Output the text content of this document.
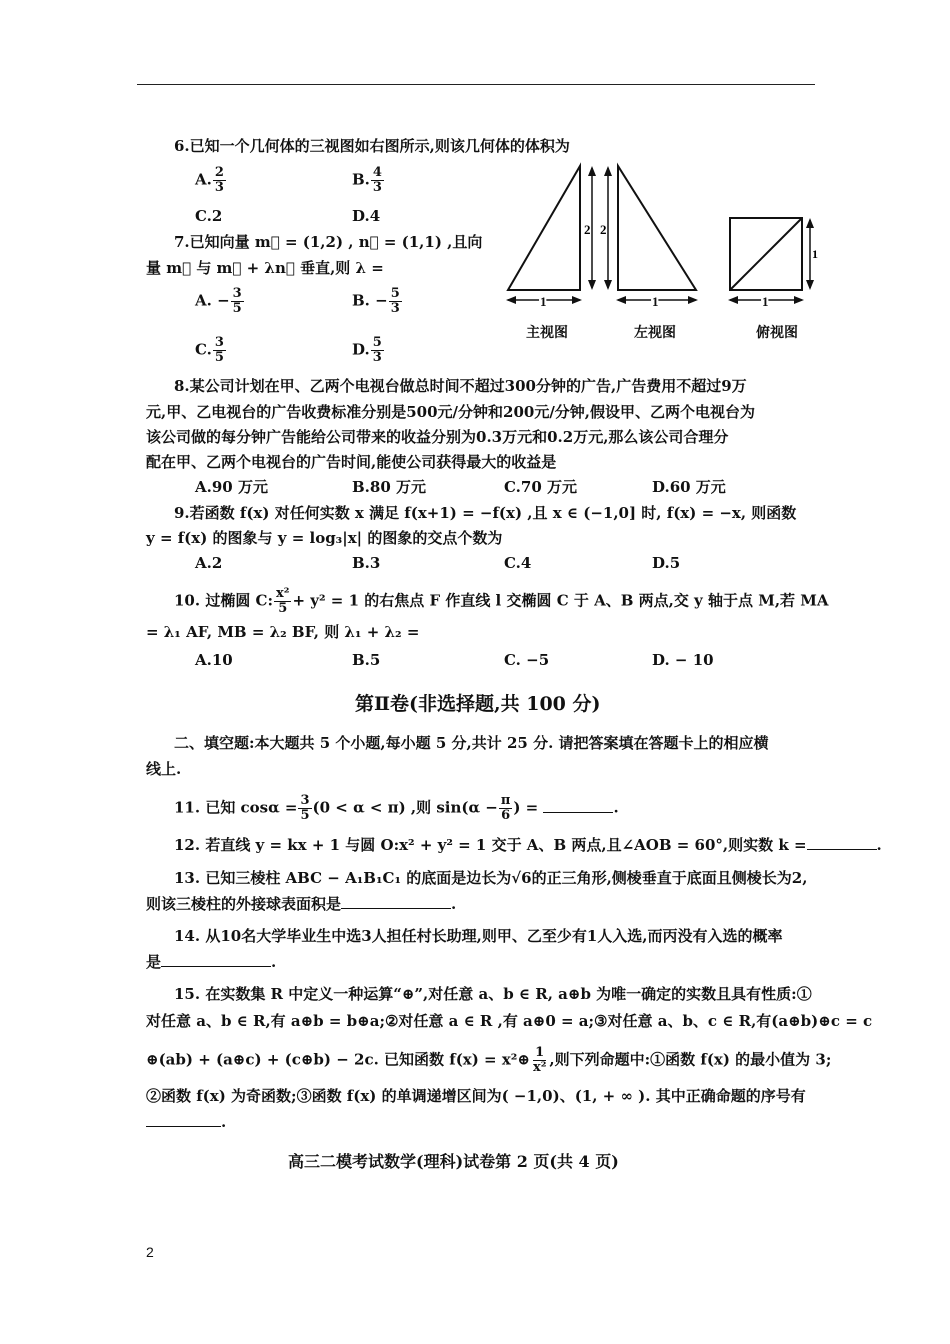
6.已知一个几何体的三视图如右图所示,则该几何体的体积为
A. $\frac{2}{3}$	B. $\frac{4}{3}$
C.2	D.4
7.已知向量 m⃗ = (1,2) , n⃗ = (1,1) ,且向
量 m⃗ 与 m⃗ + λn⃗ 垂直,则 λ =
A. − $\frac{3}{5}$	B. − $\frac{5}{3}$
C. $\frac{3}{5}$	D. $\frac{5}{3}$
2
1
2
1
1
1
主视图	左视图	俯视图
8.某公司计划在甲、乙两个电视台做总时间不超过300分钟的广告,广告费用不超过9万
元,甲、乙电视台的广告收费标准分别是500元/分钟和200元/分钟,假设甲、乙两个电视台为
该公司做的每分钟广告能给公司带来的收益分别为0.3万元和0.2万元,那么该公司合理分
配在甲、乙两个电视台的广告时间,能使公司获得最大的收益是
A.90 万元	B.80 万元	C.70 万元	D.60 万元
9.若函数 f(x) 对任何实数 x 满足 f(x+1) = −f(x) ,且 x ∈ (−1,0] 时, f(x) = −x, 则函数
y = f(x) 的图象与 y = log₃|x| 的图象的交点个数为
A.2	B.3	C.4	D.5
10. 过椭圆 C: $\frac{\text{x²}}{5} + y^2 = 1$ 的右焦点 F 作直线 l 交椭圆 C 于 A、B 两点,交 y 轴于点 M,若 MA
= λ₁ AF, MB = λ₂ BF, 则 λ₁ + λ₂ =
A.10	B.5	C. −5	D. − 10
第Ⅱ卷(非选择题,共 100 分)
二、填空题:本大题共 5 个小题,每小题 5 分,共计 25 分. 请把答案填在答题卡上的相应横
线上.
11. 已知 $\cos\alpha = \frac{3}{5} (0 < \alpha < \pi)$ ,则 $\sin(\alpha - \frac{\pi}{6}$ ) =	.
12. 若直线 y = kx + 1 与圆 O:x² + y² = 1 交于 A、B 两点,且∠AOB = 60°,则实数 k =	.
13. 已知三棱柱 ABC − A₁B₁C₁ 的底面是边长为√6的正三角形,侧棱垂直于底面且侧棱长为2,
则该三棱柱的外接球表面积是	.
14. 从10名大学毕业生中选3人担任村长助理,则甲、乙至少有1人入选,而丙没有入选的概率
是	.
15. 在实数集 R 中定义一种运算“⊕”,对任意 a、b ∈ R, a⊕b 为唯一确定的实数且具有性质:①
对任意 a、b ∈ R,有 a⊕b = b⊕a;②对任意 a ∈ R ,有 a⊕0 = a;③对任意 a、b、c ∈ R,有(a⊕b)⊕c = c
⊕(ab) + (a⊕c) + (c⊕b) − 2c. 已知函数 f(x) = x²⊕ $\frac{1}{\text{x²}}$ ,则下列命题中:①函数 f(x) 的最小值为 3;
②函数 f(x) 为奇函数;③函数 f(x) 的单调递增区间为( −1,0)、(1, + ∞ ). 其中正确命题的序号有
.
高三二模考试数学(理科)试卷第 2 页(共 4 页)
2
